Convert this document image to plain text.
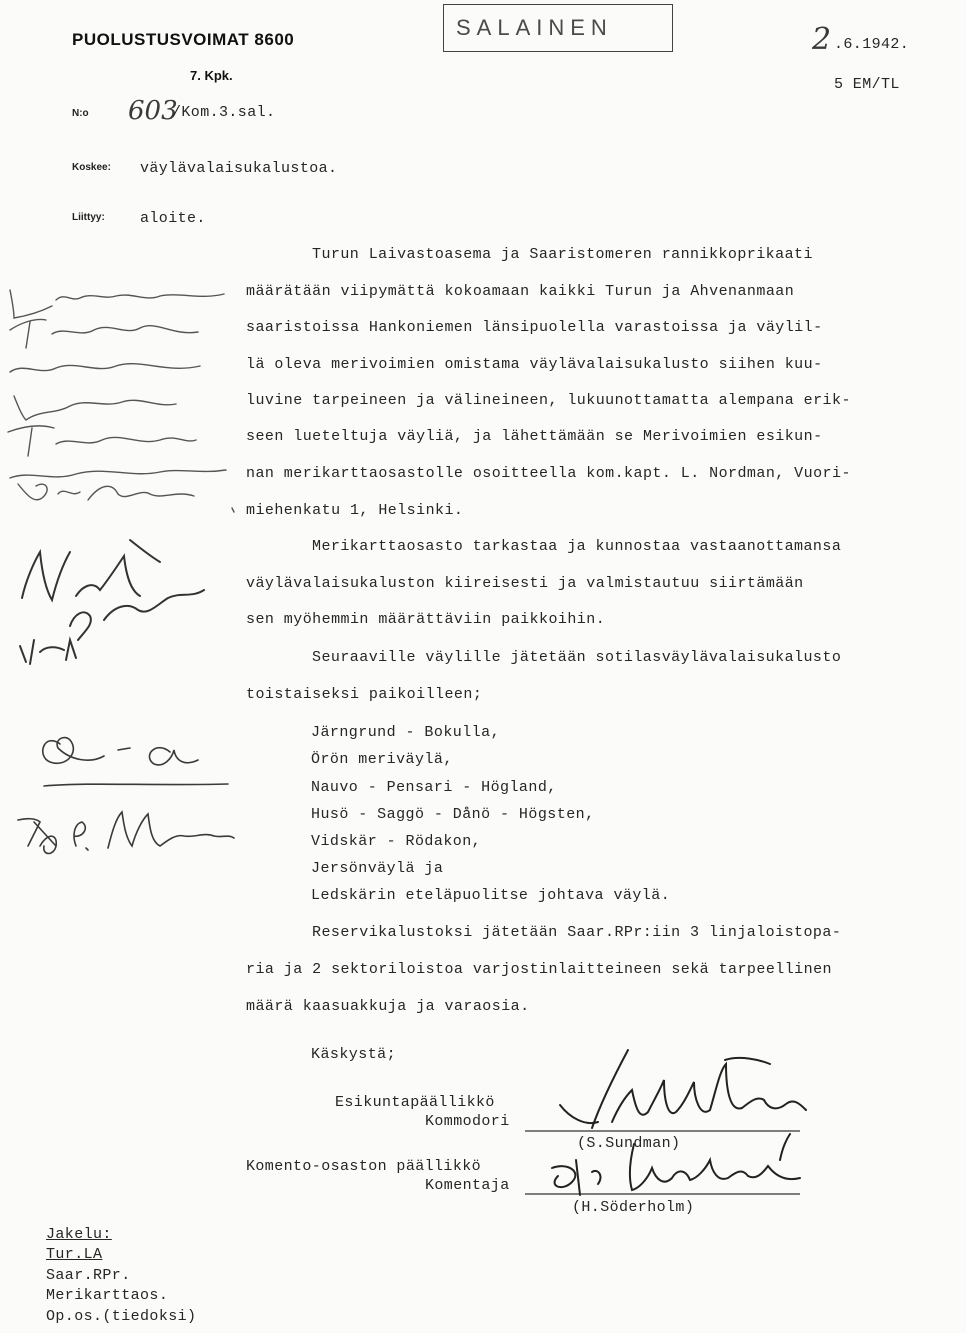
PUOLUSTUSVOIMAT 8600
7. Kpk.
N:o 603
/Kom.3.sal.
SALAINEN	2 .6.1942.
5 EM/TL
Koskee: väylävalaisukalustoa.
Liittyy: aloite.
Turun Laivastoasema ja Saaristomeren rannikkoprikaati
määrätään viipymättä kokoamaan kaikki Turun ja Ahvenanmaan
saaristoissa Hankoniemen länsipuolella varastoissa ja väylil-
lä oleva merivoimien omistama väylävalaisukalusto siihen kuu-
luvine tarpeineen ja välineineen, lukuunottamatta alempana erik-
seen lueteltuja väyliä, ja lähettämään se Merivoimien esikun-
nan merikarttaosastolle osoitteella kom.kapt. L. Nordman, Vuori-
miehenkatu 1, Helsinki.
Merikarttaosasto tarkastaa ja kunnostaa vastaanottamansa
väylävalaisukaluston kiireisesti ja valmistautuu siirtämään
sen myöhemmin määrättäviin paikkoihin.
Seuraaville väylille jätetään sotilasväylävalaisukalusto
toistaiseksi paikoilleen;
Järngrund - Bokulla,
Örön meriväylä,
Nauvo - Pensari - Högland,
Husö - Saggö - Dånö - Högsten,
Vidskär - Rödakon,
Jersönväylä ja
Ledskärin eteläpuolitse johtava väylä.
Reservikalustoksi jätetään Saar.RPr:iin 3 linjaloistopa-
ria ja 2 sektoriloistoa varjostinlaitteineen sekä tarpeellinen
määrä kaasuakkuja ja varaosia.
Käskystä;
Esikuntapäällikkö
Kommodori
(S.Sundman)
Komento-osaston päällikkö
Komentaja
(H.Söderholm)
Jakelu:
Tur.LA
Saar.RPr.
Merikarttaos.
Op.os.(tiedoksi)
